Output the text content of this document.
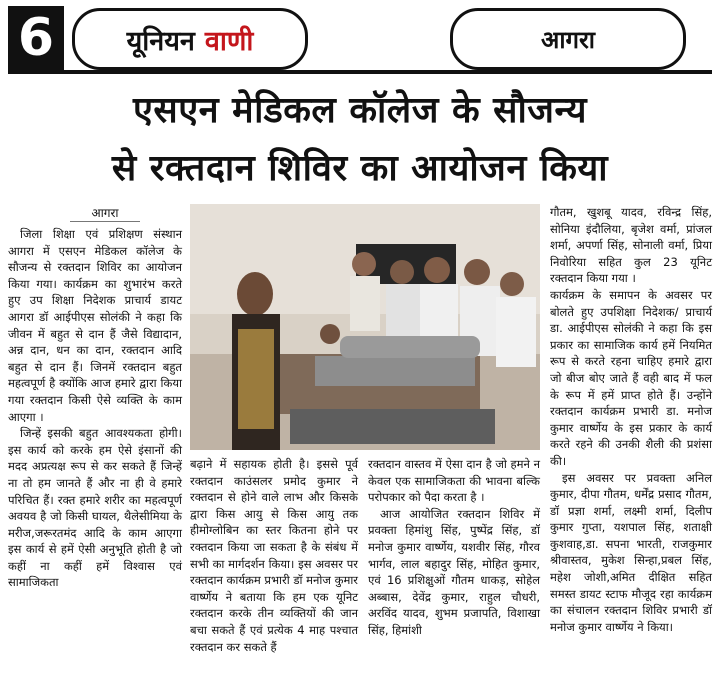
6	यूनियन वाणी	आगरा
एसएन मेडिकल कॉलेज के सौजन्य
से रक्तदान शिविर का आयोजन किया
आगरा

जिला शिक्षा एवं प्रशिक्षण संस्थान आगरा में एसएन मेडिकल कॉलेज के सौजन्य से रक्तदान शिविर का आयोजन किया गया। कार्यक्रम का शुभारंभ करते हुए उप शिक्षा निदेशक प्राचार्य डायट आगरा डॉ आईपीएस सोलंकी ने कहा कि जीवन में बहुत से दान हैं जैसे विद्यादान, अन्न दान, धन का दान, रक्तदान आदि बहुत से दान हैं। जिनमें रक्तदान बहुत महत्वपूर्ण है क्योंकि आज हमारे द्वारा किया गया रक्तदान किसी ऐसे व्यक्ति के काम आएगा ।

जिन्हें इसकी बहुत आवश्यकता होगी। इस कार्य को करके हम ऐसे इंसानों की मदद अप्रत्यक्ष रूप से कर सकते हैं जिन्हें ना तो हम जानते हैं और ना ही वे हमारे परिचित हैं। रक्त हमारे शरीर का महत्वपूर्ण अवयव है जो किसी घायल, थैलेसीमिया के मरीज,जरूरतमंद आदि के काम आएगा इस कार्य से हमें ऐसी अनुभूति होती है जो कहीं ना कहीं हमें विश्वास एवं सामाजिकता

बढ़ाने में सहायक होती है। इससे पूर्व रक्तदान काउंसलर प्रमोद कुमार ने रक्तदान से होने वाले लाभ और किसके द्वारा किस आयु से किस आयु तक हीमोग्लोबिन का स्तर कितना होने पर रक्तदान किया जा सकता है के संबंध में सभी का मार्गदर्शन किया। इस अवसर पर रक्तदान कार्यक्रम प्रभारी डॉ मनोज कुमार वार्ष्णेय ने बताया कि हम एक यूनिट रक्तदान करके तीन व्यक्तियों की जान बचा सकते हैं एवं प्रत्येक 4 माह पश्चात रक्तदान कर सकते हैं

रक्तदान वास्तव में ऐसा दान है जो हमने न केवल एक सामाजिकता की भावना बल्कि परोपकार को पैदा करता है ।

आज आयोजित रक्तदान शिविर में प्रवक्ता हिमांशु सिंह, पुष्पेंद्र सिंह, डॉ मनोज कुमार वार्ष्णेय, यशवीर सिंह, गौरव भार्गव, लाल बहादुर सिंह, मोहित कुमार, एवं 16 प्रशिक्षुओं गौतम धाकड़, सोहेल अब्बास, देवेंद्र कुमार, राहुल चौधरी, अरविंद यादव, शुभम प्रजापति, विशाखा सिंह, हिमांशी

गौतम, खुशबू यादव, रविन्द्र सिंह, सोनिया इंदौलिया, बृजेश वर्मा, प्रांजल शर्मा, अपर्णा सिंह, सोनाली वर्मा, प्रिया निवोरिया सहित कुल 23 यूनिट रक्तदान किया गया ।

कार्यक्रम के समापन के अवसर पर बोलते हुए उपशिक्षा निदेशक/ प्राचार्य डा. आईपीएस सोलंकी ने कहा कि इस प्रकार का सामाजिक कार्य हमें नियमित रूप से करते रहना चाहिए हमारे द्वारा जो बीज बोए जाते हैं वही बाद में फल के रूप में हमें प्राप्त होते हैं। उन्होंने रक्तदान कार्यक्रम प्रभारी डा. मनोज कुमार वार्ष्णेय के इस प्रकार के कार्य करते रहने की उनकी शैली की प्रशंसा की।

इस अवसर पर प्रवक्ता अनिल कुमार, दीपा गौतम, धर्मेंद्र प्रसाद गौतम, डॉ प्रज्ञा शर्मा, लक्ष्मी शर्मा, दिलीप कुमार गुप्ता, यशपाल सिंह, शताक्षी कुशवाह,डा. सपना भारती, राजकुमार श्रीवास्तव, मुकेश सिन्हा,प्रबल सिंह, महेश जोशी,अमित दीक्षित सहित समस्त डायट स्टाफ मौजूद रहा कार्यक्रम का संचालन रक्तदान शिविर प्रभारी डॉ मनोज कुमार वार्ष्णेय ने किया।
